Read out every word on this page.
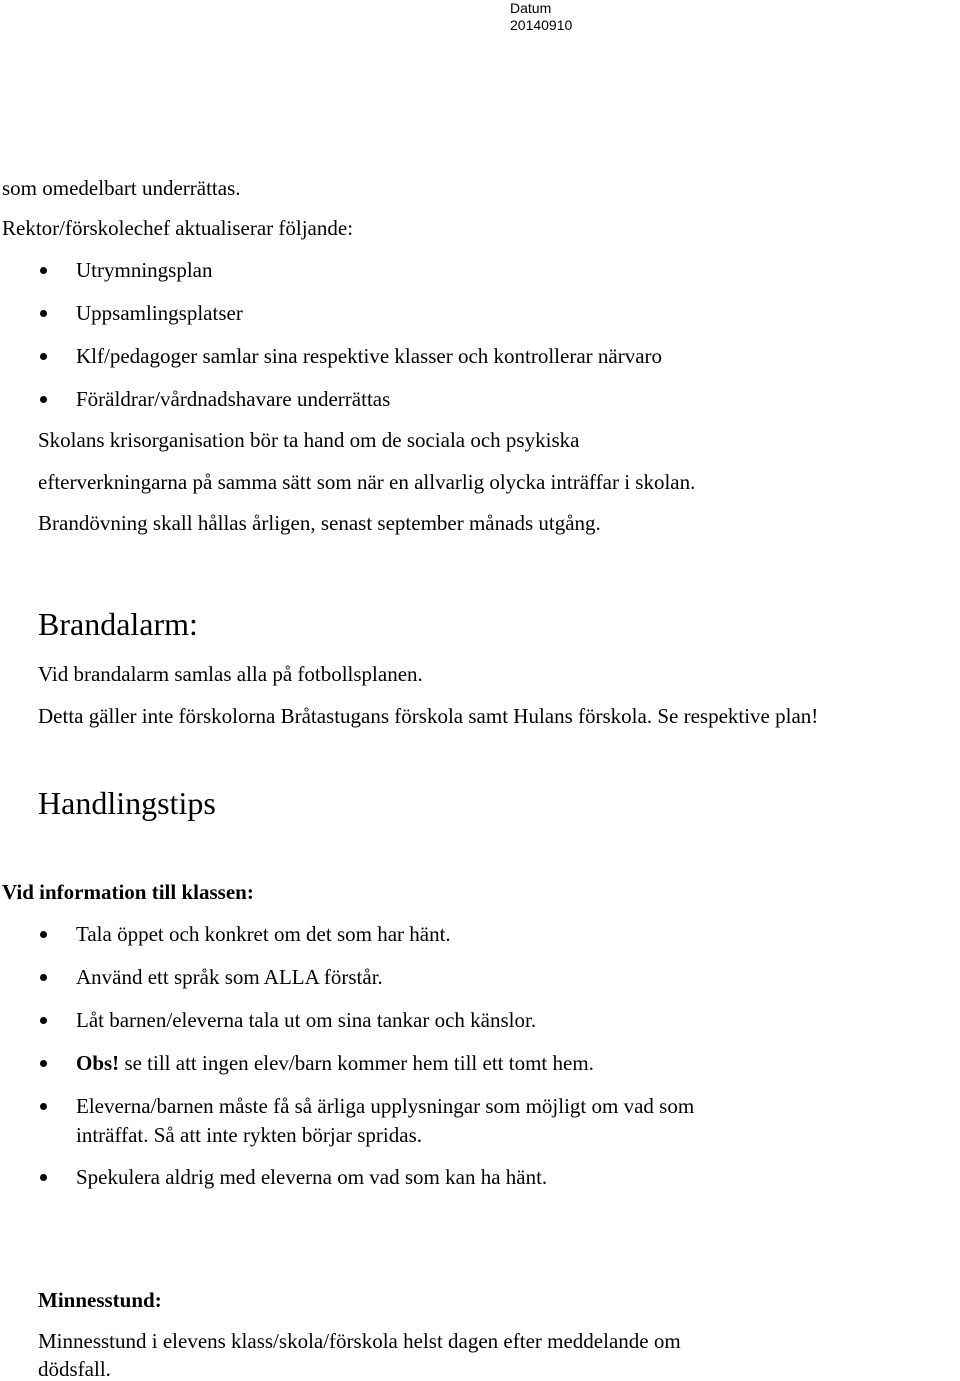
Datum
20140910
som omedelbart underrättas.
Rektor/förskolechef aktualiserar följande:
Utrymningsplan
Uppsamlingsplatser
Klf/pedagoger samlar sina respektive klasser och kontrollerar närvaro
Föräldrar/vårdnadshavare underrättas
Skolans krisorganisation bör ta hand om de sociala och psykiska
efterverkningarna på samma sätt som när en allvarlig olycka inträffar i skolan.
Brandövning skall hållas årligen, senast september månads utgång.
Brandalarm:
Vid brandalarm samlas alla på fotbollsplanen.
Detta gäller inte förskolorna Bråtastugans förskola samt Hulans förskola. Se respektive plan!
Handlingstips
Vid information till klassen:
Tala öppet och konkret om det som har hänt.
Använd ett språk som ALLA förstår.
Låt barnen/eleverna tala ut om sina tankar och känslor.
Obs! se till att ingen elev/barn kommer hem till ett tomt hem.
Eleverna/barnen måste få så ärliga upplysningar som möjligt om vad som
inträffat. Så att inte rykten börjar spridas.
Spekulera aldrig med eleverna om vad som kan ha hänt.
Minnesstund:
Minnesstund i elevens klass/skola/förskola helst dagen efter meddelande om
dödsfall.
